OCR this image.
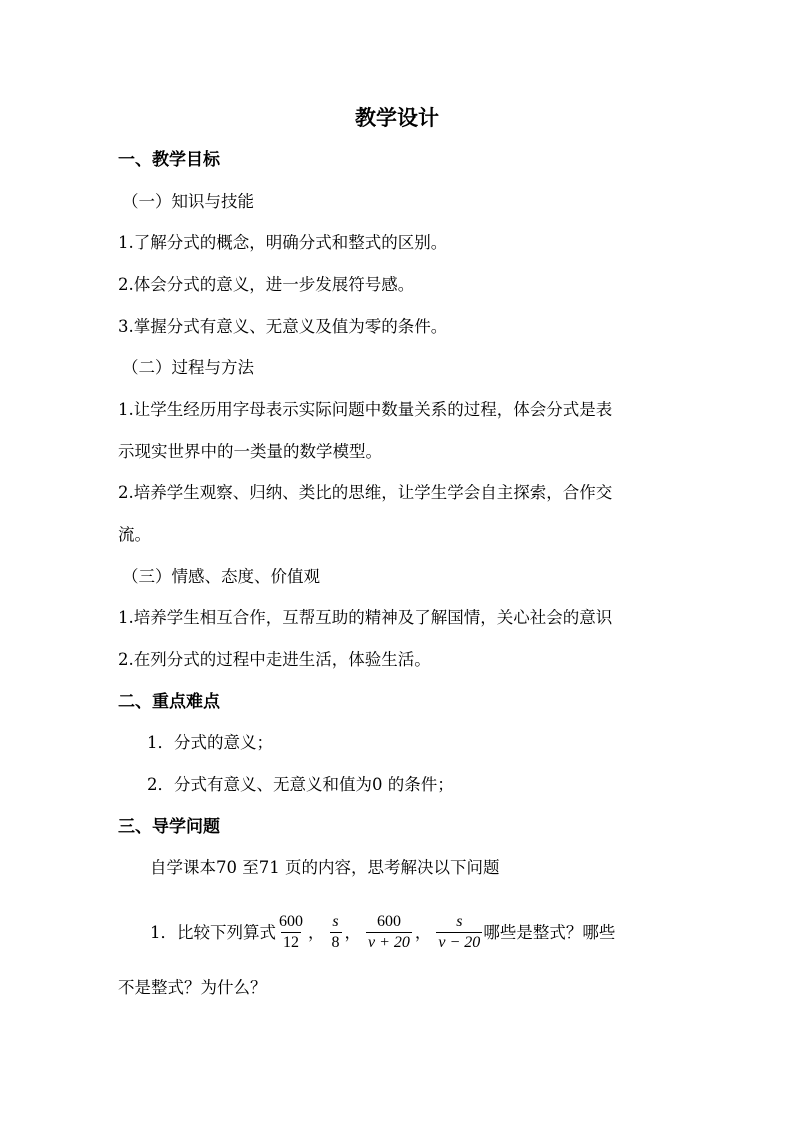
教学设计
一、教学目标
（一）知识与技能
1.了解分式的概念，明确分式和整式的区别。
2.体会分式的意义，进一步发展符号感。
3.掌握分式有意义、无意义及值为零的条件。
（二）过程与方法
1.让学生经历用字母表示实际问题中数量关系的过程，体会分式是表
示现实世界中的一类量的数学模型。
2.培养学生观察、归纳、类比的思维，让学生学会自主探索，合作交
流。
（三）情感、态度、价值观
1.培养学生相互合作，互帮互助的精神及了解国情，关心社会的意识
2.在列分式的过程中走进生活，体验生活。
二、重点难点
1．分式的意义；
2．分式有意义、无意义和值为0 的条件；
三、导学问题
自学课本70 至71 页的内容，思考解决以下问题
1．比较下列算式 $\frac{600}{12}$ ， $\frac{s}{8}$ ， $\frac{600}{v + 20}$ ， $\frac{s}{v - 20}$ 哪些是整式？哪些
不是整式？为什么？
